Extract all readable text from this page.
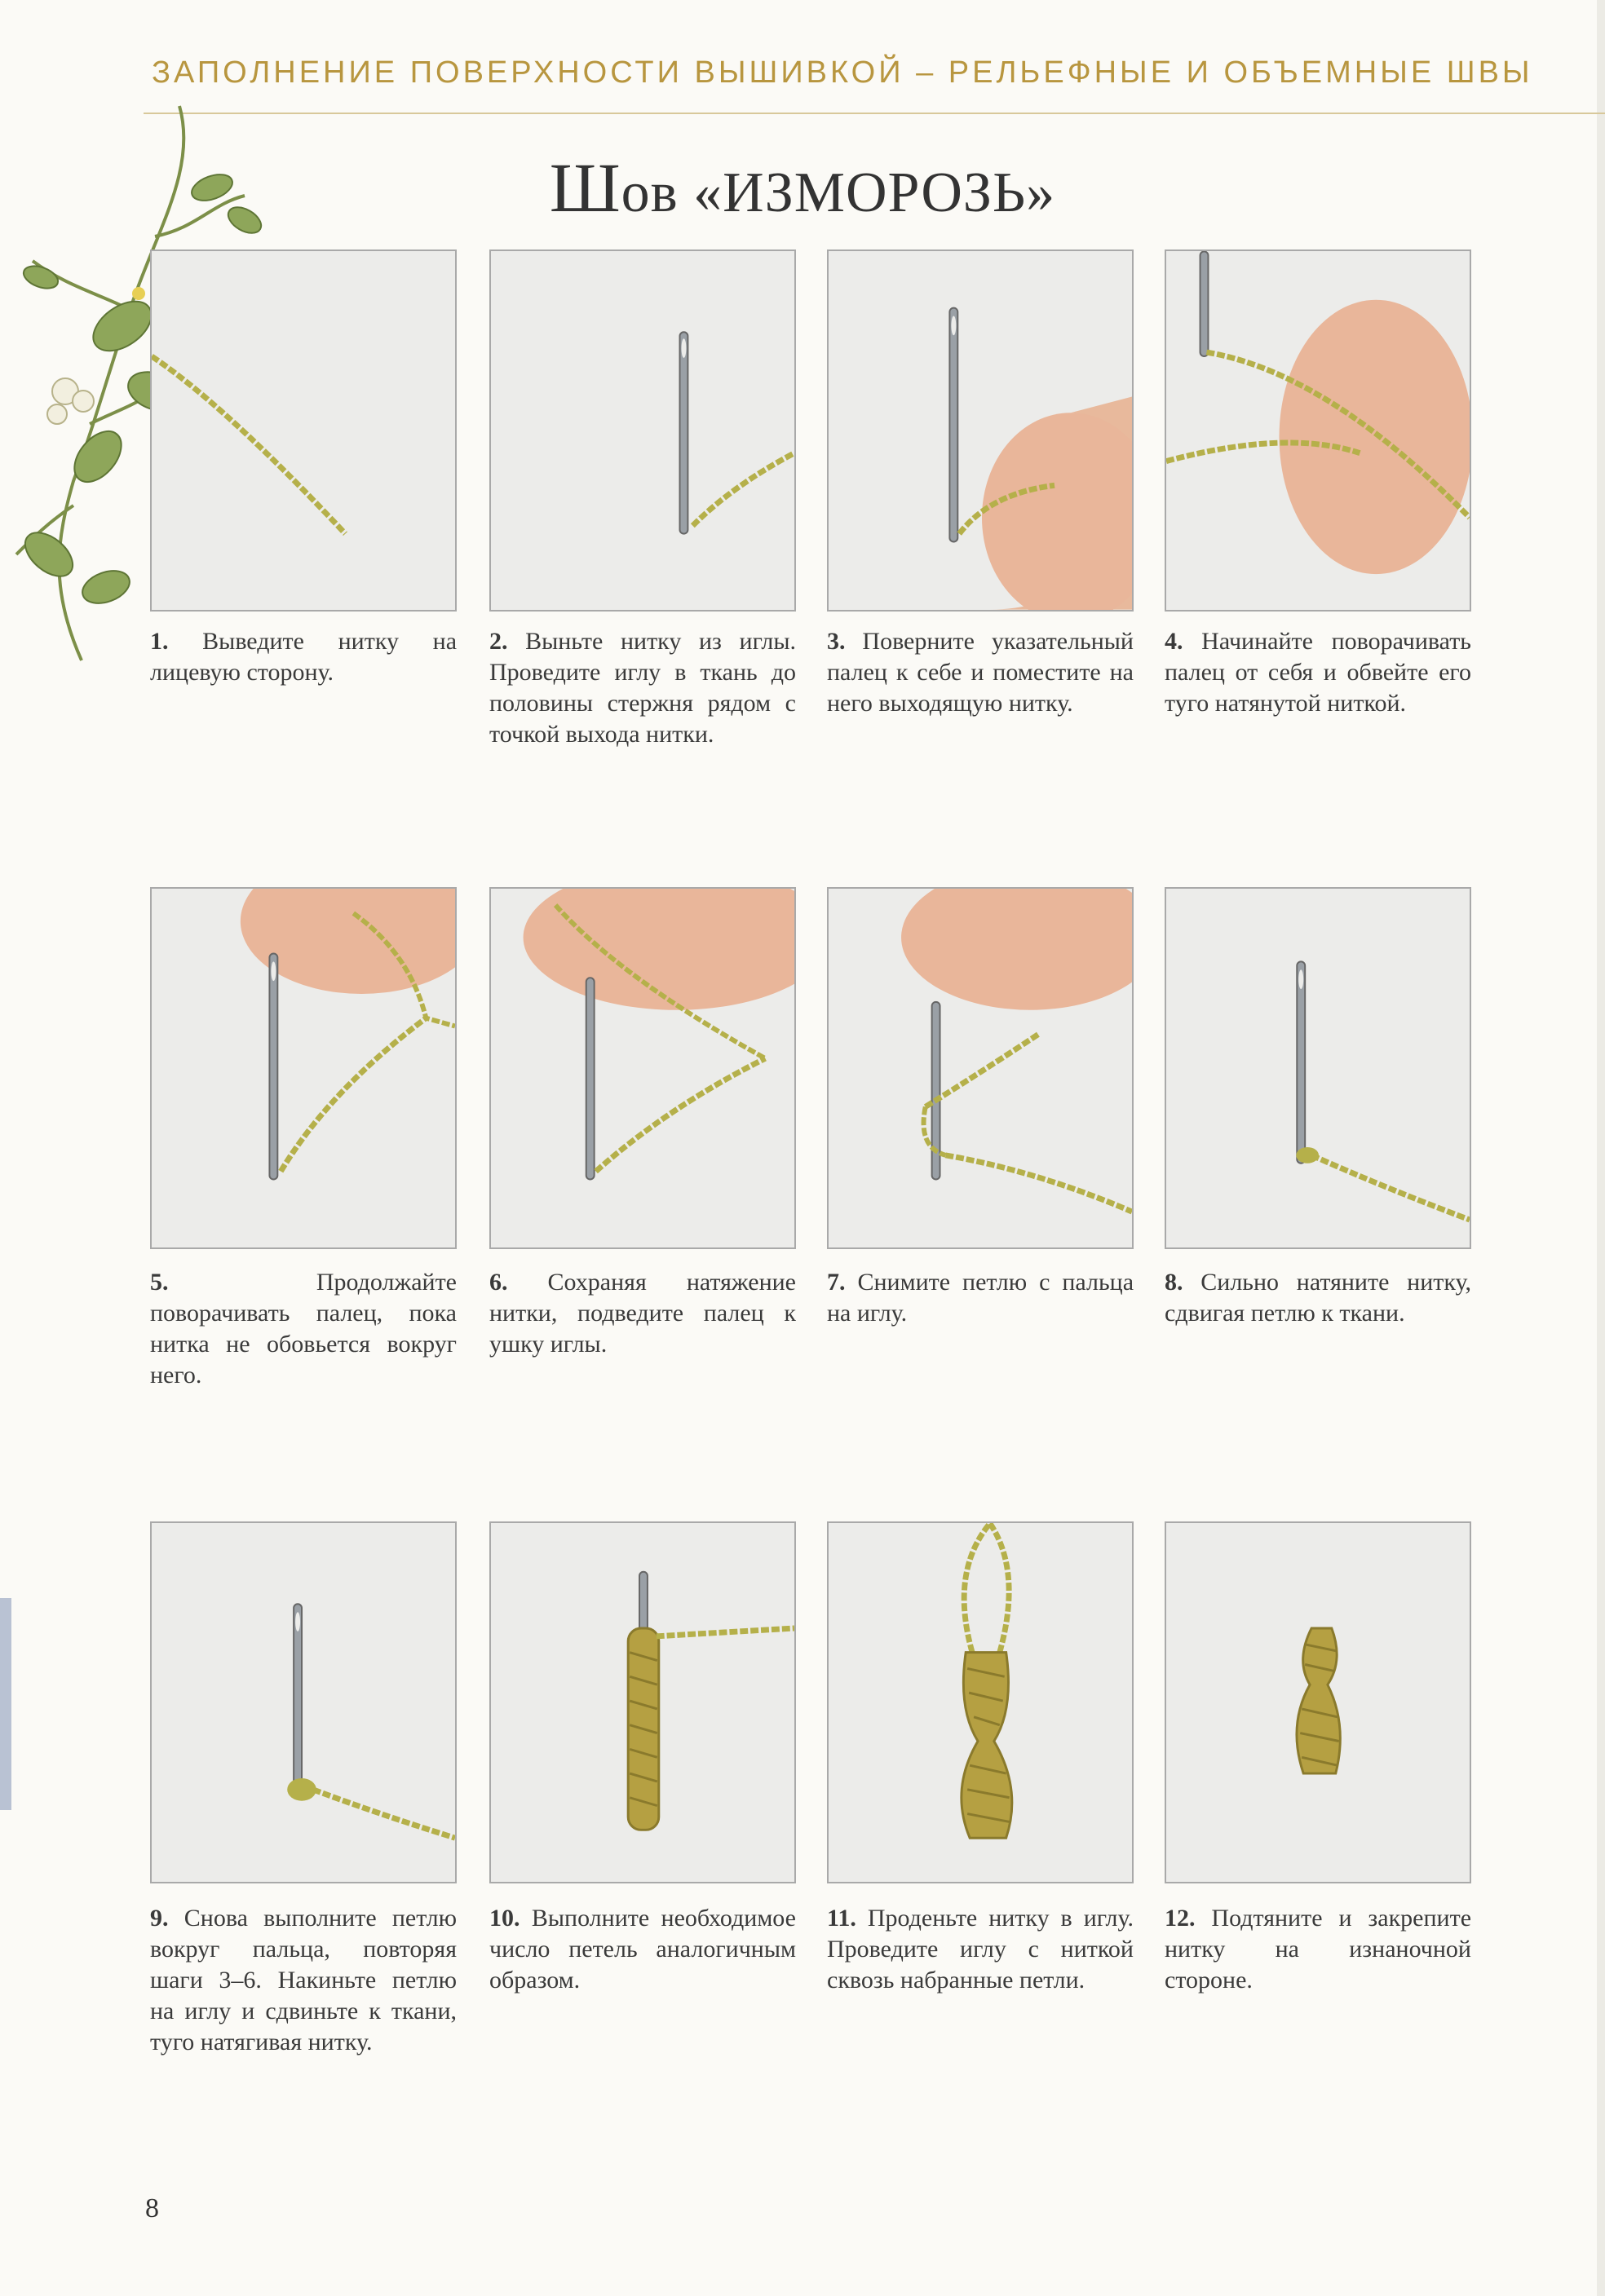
ЗАПОЛНЕНИЕ ПОВЕРХНОСТИ ВЫШИВКОЙ – РЕЛЬЕФНЫЕ И ОБЪЕМНЫЕ ШВЫ
Шов «ИЗМОРОЗЬ»
1. Выведите нитку на лицевую сторону.
2. Выньте нитку из иглы. Проведите иглу в ткань до половины стержня рядом с точкой выхода нитки.
3. Поверните указательный палец к себе и поместите на него выходящую нитку.
4. Начинайте поворачивать палец от себя и обвейте его туго натянутой ниткой.
5.	Продолжайте поворачивать палец, пока нитка не обовьется вокруг него.
6. Сохраняя натяжение нитки, подведите палец к ушку иглы.
7. Снимите петлю с пальца на иглу.
8. Сильно натяните нитку, сдвигая петлю к ткани.
9. Снова выполните петлю вокруг пальца, повторяя шаги 3–6. Накиньте петлю на иглу и сдвиньте к ткани, туго натягивая нитку.
10. Выполните необходимое число петель аналогичным образом.
11. Проденьте нитку в иглу. Проведите иглу с ниткой сквозь набранные петли.
12. Подтяните и закрепите нитку на изнаночной стороне.
8
